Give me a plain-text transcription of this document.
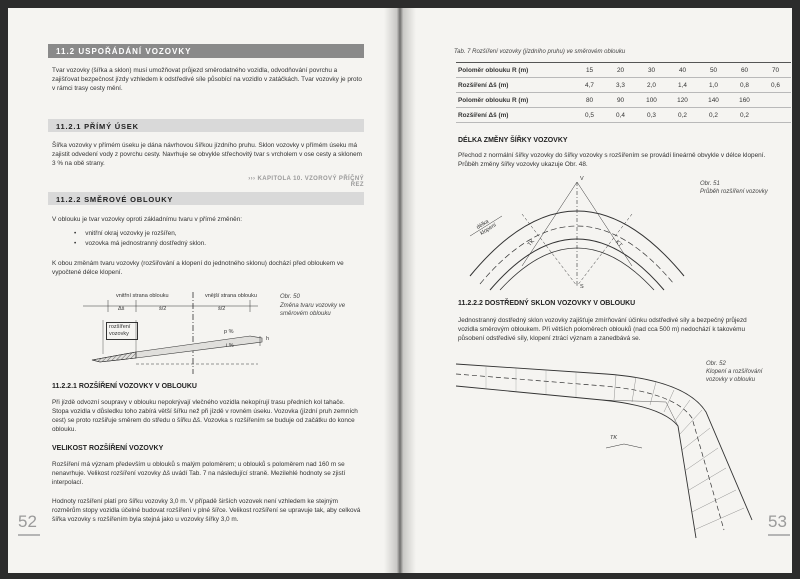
11.2 USPOŘÁDÁNÍ VOZOVKY
Tvar vozovky (šířka a sklon) musí umožňovat průjezd směrodatného vozidla, odvodňování povrchu a zajišťovat bezpečnost jízdy vzhledem k odstředivé síle působící na vozidlo v zatáčkách. Tvar vozovky je proto v rámci trasy cesty mění.
11.2.1 PŘÍMÝ ÚSEK
Šířka vozovky v přímém úseku je dána návrhovou šířkou jízdního pruhu. Sklon vozovky v přímém úseku má zajistit odvedení vody z povrchu cesty. Navrhuje se obvykle střechovitý tvar s vrcholem v ose cesty a sklonem 3 % na obě strany.
››› KAPITOLA 10. VZOROVÝ PŘÍČNÝ ŘEZ
11.2.2 SMĚROVÉ OBLOUKY
V oblouku je tvar vozovky oproti základnímu tvaru v přímé změněn:
• vnitřní okraj vozovky je rozšířen,
• vozovka má jednostranný dostředný sklon.
K obou změnám tvaru vozovky (rozšiřování a klopení do jednotného sklonu) dochází před obloukem ve vypočtené délce klopení.
vnitřní strana oblouku	vnější strana oblouku
Δš	š/2	š/2
rozšíření
vozovky	p %
i %
h
Obr. 50
Změna tvaru vozovky ve směrovém oblouku
11.2.2.1 ROZŠÍŘENÍ VOZOVKY V OBLOUKU
Při jízdě odvozní soupravy v oblouku nepokrývají vlečného vozidla nekopírují trasu předních kol tahače. Stopa vozidla v důsledku toho zabírá větší šířku než při jízdě v rovném úseku. Vozovka (jízdní pruh zemních cest) se proto rozšiřuje směrem do středu o šířku Δš. Vozovka s rozšířením se buduje od začátku do konce oblouku.
VELIKOST ROZŠÍŘENÍ VOZOVKY
Rozšíření má význam především u oblouků s malým poloměrem; u oblouků s poloměrem nad 160 m se nenavrhuje. Velikost rozšíření vozovky Δš uvádí Tab. 7 na následující straně. Mezilehlé hodnoty se zjistí interpolací.
Hodnoty rozšíření platí pro šířku vozovky 3,0 m. V případě širších vozovek není vzhledem ke stejným rozměrům stopy vozidla účelné budovat rozšíření v plné šířce. Velikost rozšíření se upravuje tak, aby celková šířka vozovky s rozšířením byla stejná jako u vozovky šířky 3,0 m.
52
Tab. 7 Rozšíření vozovky (jízdního pruhu) ve směrovém oblouku
Poloměr oblouku R (m)	15	20	30	40	50	60	70
Rozšíření Δš (m)	4,7	3,3	2,0	1,4	1,0	0,8	0,6
Poloměr oblouku R (m)	80	90	100	120	140	160	
Rozšíření Δš (m)	0,5	0,4	0,3	0,2	0,2	0,2	
DÉLKA ZMĚNY ŠÍŘKY VOZOVKY
Přechod z normální šířky vozovky do šířky vozovky s rozšířením se provádí lineárně obvykle v délce klopení. Průběh změny šířky vozovky ukazuje Obr. 48.
V
S
TK	KT
délka
klopení
Obr. 51
Průběh rozšíření vozovky
11.2.2.2 DOSTŘEDNÝ SKLON VOZOVKY V OBLOUKU
Jednostranný dostředný sklon vozovky zajišťuje zmírňování účinku odstředivé síly a bezpečný průjezd vozidla směrovým obloukem. Při větších poloměrech oblouků (nad cca 500 m) nedochází k takovému působení odstředivé síly, klopení ztrácí význam a zanedbává se.
TK
Obr. 52
Klopení a rozšiřování vozovky v oblouku
53
